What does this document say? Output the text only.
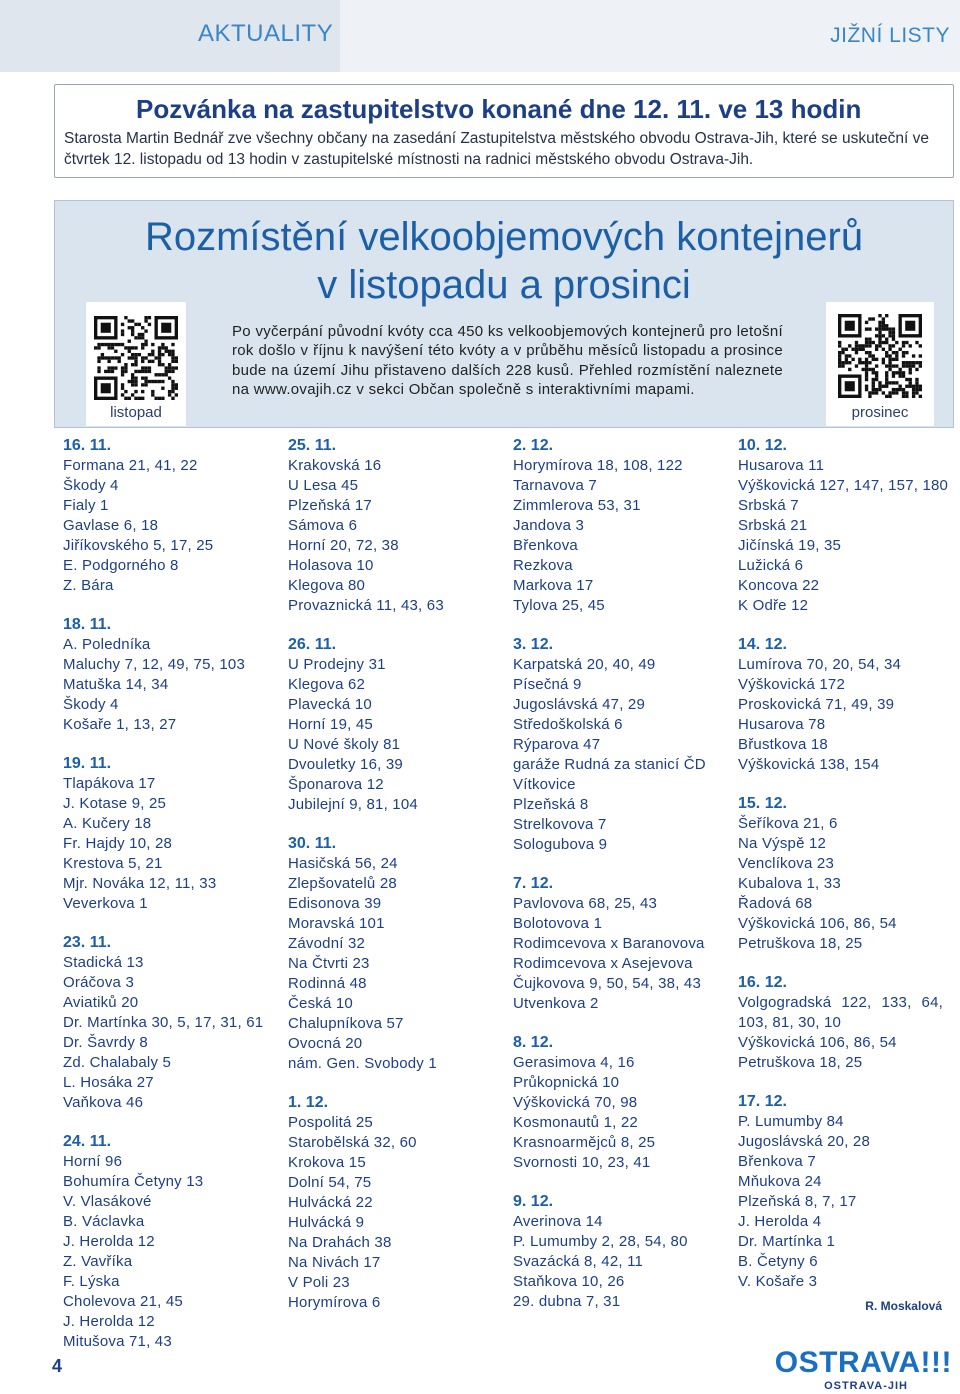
AKTUALITY	JIŽNÍ LISTY
Pozvánka na zastupitelstvo konané dne 12. 11. ve 13 hodin

Starosta Martin Bednář zve všechny občany na zasedání Zastupitelstva městského obvodu Ostrava-Jih, které se uskuteční ve čtvrtek 12. listopadu od 13 hodin v zastupitelské místnosti na radnici městského obvodu Ostrava-Jih.

Rozmístění velkoobjemových kontejnerů
v listopadu a prosinci
listopad
Po vyčerpání původní kvóty cca 450 ks velkoobjemových kontejnerů pro letošní rok došlo v říjnu k navýšení této kvóty a v průběhu měsíců listopadu a prosince bude na území Jihu přistaveno dalších 228 kusů. Přehled rozmístění naleznete na www.ovajih.cz v sekci Občan společně s interaktivními mapami.
prosinec
16. 11.
Formana 21, 41, 22
Škody 4
Fialy 1
Gavlase 6, 18
Jiříkovského 5, 17, 25
E. Podgorného 8
Z. Bára
18. 11.
A. Poledníka
Maluchy 7, 12, 49, 75, 103
Matuška 14, 34
Škody 4
Košaře 1, 13, 27
19. 11.
Tlapákova 17
J. Kotase 9, 25
A. Kučery 18
Fr. Hajdy 10, 28
Krestova 5, 21
Mjr. Nováka 12, 11, 33
Veverkova 1
23. 11.
Stadická 13
Oráčova 3
Aviatiků 20
Dr. Martínka 30, 5, 17, 31, 61
Dr. Šavrdy 8
Zd. Chalabaly 5
L. Hosáka 27
Vaňkova 46
24. 11.
Horní 96
Bohumíra Četyny 13
V. Vlasákové
B. Václavka
J. Herolda 12
Z. Vavříka
F. Lýska
Cholevova 21, 45
J. Herolda 12
Mitušova 71, 43
25. 11.
Krakovská 16
U Lesa 45
Plzeňská 17
Sámova 6
Horní 20, 72, 38
Holasova 10
Klegova 80
Provaznická 11, 43, 63
26. 11.
U Prodejny 31
Klegova 62
Plavecká 10
Horní 19, 45
U Nové školy 81
Dvouletky 16, 39
Šponarova 12
Jubilejní 9, 81, 104
30. 11.
Hasičská 56, 24
Zlepšovatelů 28
Edisonova 39
Moravská 101
Závodní 32
Na Čtvrti 23
Rodinná 48
Česká 10
Chalupníkova 57
Ovocná 20
nám. Gen. Svobody 1
1. 12.
Pospolitá 25
Starobělská 32, 60
Krokova 15
Dolní 54, 75
Hulvácká 22
Hulvácká 9
Na Drahách 38
Na Nivách 17
V Poli 23
Horymírova 6
2. 12.
Horymírova 18, 108, 122
Tarnavova 7
Zimmlerova 53, 31
Jandova 3
Břenkova
Rezkova
Markova 17
Tylova 25, 45
3. 12.
Karpatská 20, 40, 49
Písečná 9
Jugoslávská 47, 29
Středoškolská 6
Rýparova 47
garáže Rudná za stanicí ČD
Vítkovice
Plzeňská 8
Strelkovova 7
Sologubova 9
7. 12.
Pavlovova 68, 25, 43
Bolotovova 1
Rodimcevova x Baranovova
Rodimcevova x Asejevova
Čujkovova 9, 50, 54, 38, 43
Utvenkova 2
8. 12.
Gerasimova 4, 16
Průkopnická 10
Výškovická 70, 98
Kosmonautů 1, 22
Krasnoarmějců 8, 25
Svornosti 10, 23, 41
9. 12.
Averinova 14
P. Lumumby 2, 28, 54, 80
Svazácká 8, 42, 11
Staňkova 10, 26
29. dubna 7, 31
10. 12.
Husarova 11
Výškovická 127, 147, 157, 180
Srbská 7
Srbská 21
Jičínská 19, 35
Lužická 6
Koncova 22
K Odře 12
14. 12.
Lumírova 70, 20, 54, 34
Výškovická 172
Proskovická 71, 49, 39
Husarova 78
Břustkova 18
Výškovická 138, 154
15. 12.
Šeříkova 21, 6
Na Výspě 12
Venclíkova 23
Kubalova 1, 33
Řadová 68
Výškovická 106, 86, 54
Petruškova 18, 25
16. 12.
Volgogradská 122, 133, 64, 103, 81, 30, 10
Výškovická 106, 86, 54
Petruškova 18, 25
17. 12.
P. Lumumby 84
Jugoslávská 20, 28
Břenkova 7
Mňukova 24
Plzeňská 8, 7, 17
J. Herolda 4
Dr. Martínka 1
B. Četyny 6
V. Košaře 3
R. Moskalová
4	OSTRAVA!!!
OSTRAVA-JIH
